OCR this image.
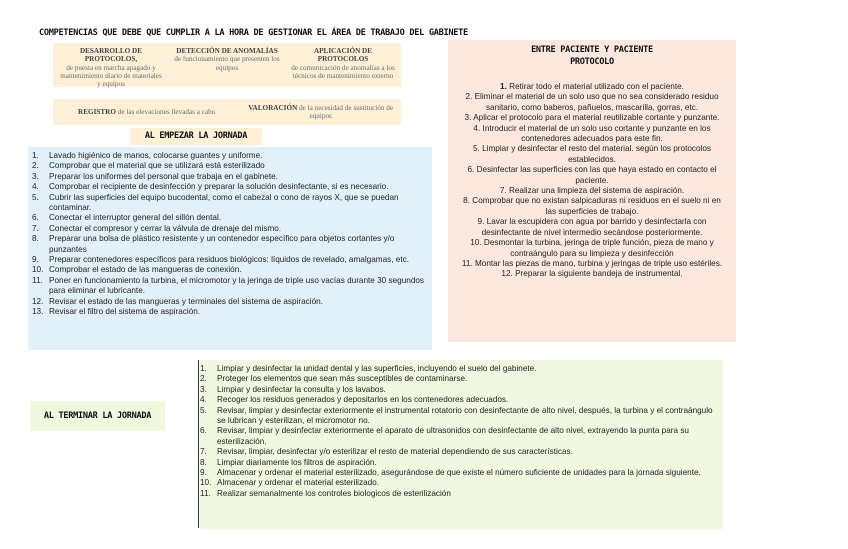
COMPETENCIAS QUE DEBE QUE CUMPLIR A LA HORA DE GESTIONAR EL ÁREA DE TRABAJO DEL GABINETE
DESARROLLO DE PROTOCOLOS,
de puesta en marcha apagado y mantenimiento diario de materiales y equipos
DETECCIÓN DE ANOMALÍAS
de funcionamiento que presenten los equipos
APLICACIÓN DE PROTOCOLOS
de comunicación de anomalías a los técnicos de mantenimiento externo
REGISTRO de las elevaciones llevadas a cabo
VALORACIÓN de la necesidad de sustitución de equipos
AL EMPEZAR LA JORNADA
1. Lavado higiénico de manos, colocarse guantes y uniforme.
2. Comprobar que el material que se utilizará está esterilizado
3. Preparar los uniformes del personal que trabaja en el gabinete.
4. Comprobar el recipiente de desinfección y preparar la solución desinfectante, si es necesario.
5. Cubrir las superficies del equipo bucodental, como el cabezal o cono de rayos X, que se puedan contaminar.
6. Conectar el interruptor general del sillón dental.
7. Conectar el compresor y cerrar la válvula de drenaje del mismo.
8. Preparar una bolsa de plástico resistente y un contenedor específico para objetos cortantes y/o punzantes
9. Preparar contenedores específicos para residuos biológicos: líquidos de revelado, amalgamas, etc.
10. Comprobar el estado de las mangueras de conexión.
11. Poner en funcionamiento la turbina, el micromotor y la jeringa de triple uso vacías durante 30 segundos para eliminar el lubricante.
12. Revisar el estado de las mangueras y terminales del sistema de aspiración.
13. Revisar el filtro del sistema de aspiración.
ENTRE PACIENTE Y PACIENTE
PROTOCOLO
1. Retirar todo el material utilizado con el paciente.
2. Eliminar el material de un solo uso que no sea considerado residuo sanitario, como baberos, pañuelos, mascarilla, gorras, etc.
3. Aplicar el protocolo para el material reutilizable cortante y punzante.
4. Introducir el material de un solo uso cortante y punzante en los contenedores adecuados para este fin.
5. Limpiar y desinfectar el resto del material. según los protocolos establecidos.
6. Desinfectar las superficies con las que haya estado en contacto el paciente.
7. Realizar una limpieza del sistema de aspiración.
8. Comprobar que no existan salpicaduras ni residuos en el suelo ni en las superficies de trabajo.
9. Lavar la escupidera con agua por barrido y desinfectarla con desinfectante de nivel intermedio secándose posteriormente.
10. Desmontar la turbina, jeringa de triple función, pieza de mano y contraángulo para su limpieza y desinfección
11. Montar las piezas de mano, turbina y jeringas de triple uso estériles.
12. Preparar la siguiente bandeja de instrumental.
AL TERMINAR LA JORNADA
1. Limpiar y desinfectar la unidad dental y las superficies, incluyendo el suelo del gabinete.
2. Proteger los elementos que sean más susceptibles de contaminarse.
3. Limpiar y desinfectar la consulta y los lavabos.
4. Recoger los residuos generados y depositarlos en los contenedores adecuados.
5. Revisar, limpiar y desinfectar exteriormente el instrumental rotatorio con desinfectante de alto nivel, después, la turbina y el contraángulo se lubrican y esterilizan, el micromotor no.
6. Revisar, limpiar y desinfectar exteriormente el aparato de ultrasonidos con desinfectante de alto nivel, extrayendo la punta para su esterilización.
7. Revisar, limpiar, desinfectar y/o esterilizar el resto de material dependiendo de sus características.
8. Limpiar diariamente los filtros de aspiración.
9. Almacenar y ordenar el material esterilizado, asegurándose de que existe el número suficiente de unidades para la jornada siguiente.
10. Almacenar y ordenar el material esterilizado.
11. Realizar semanalmente los controles biologicos de esterilización
